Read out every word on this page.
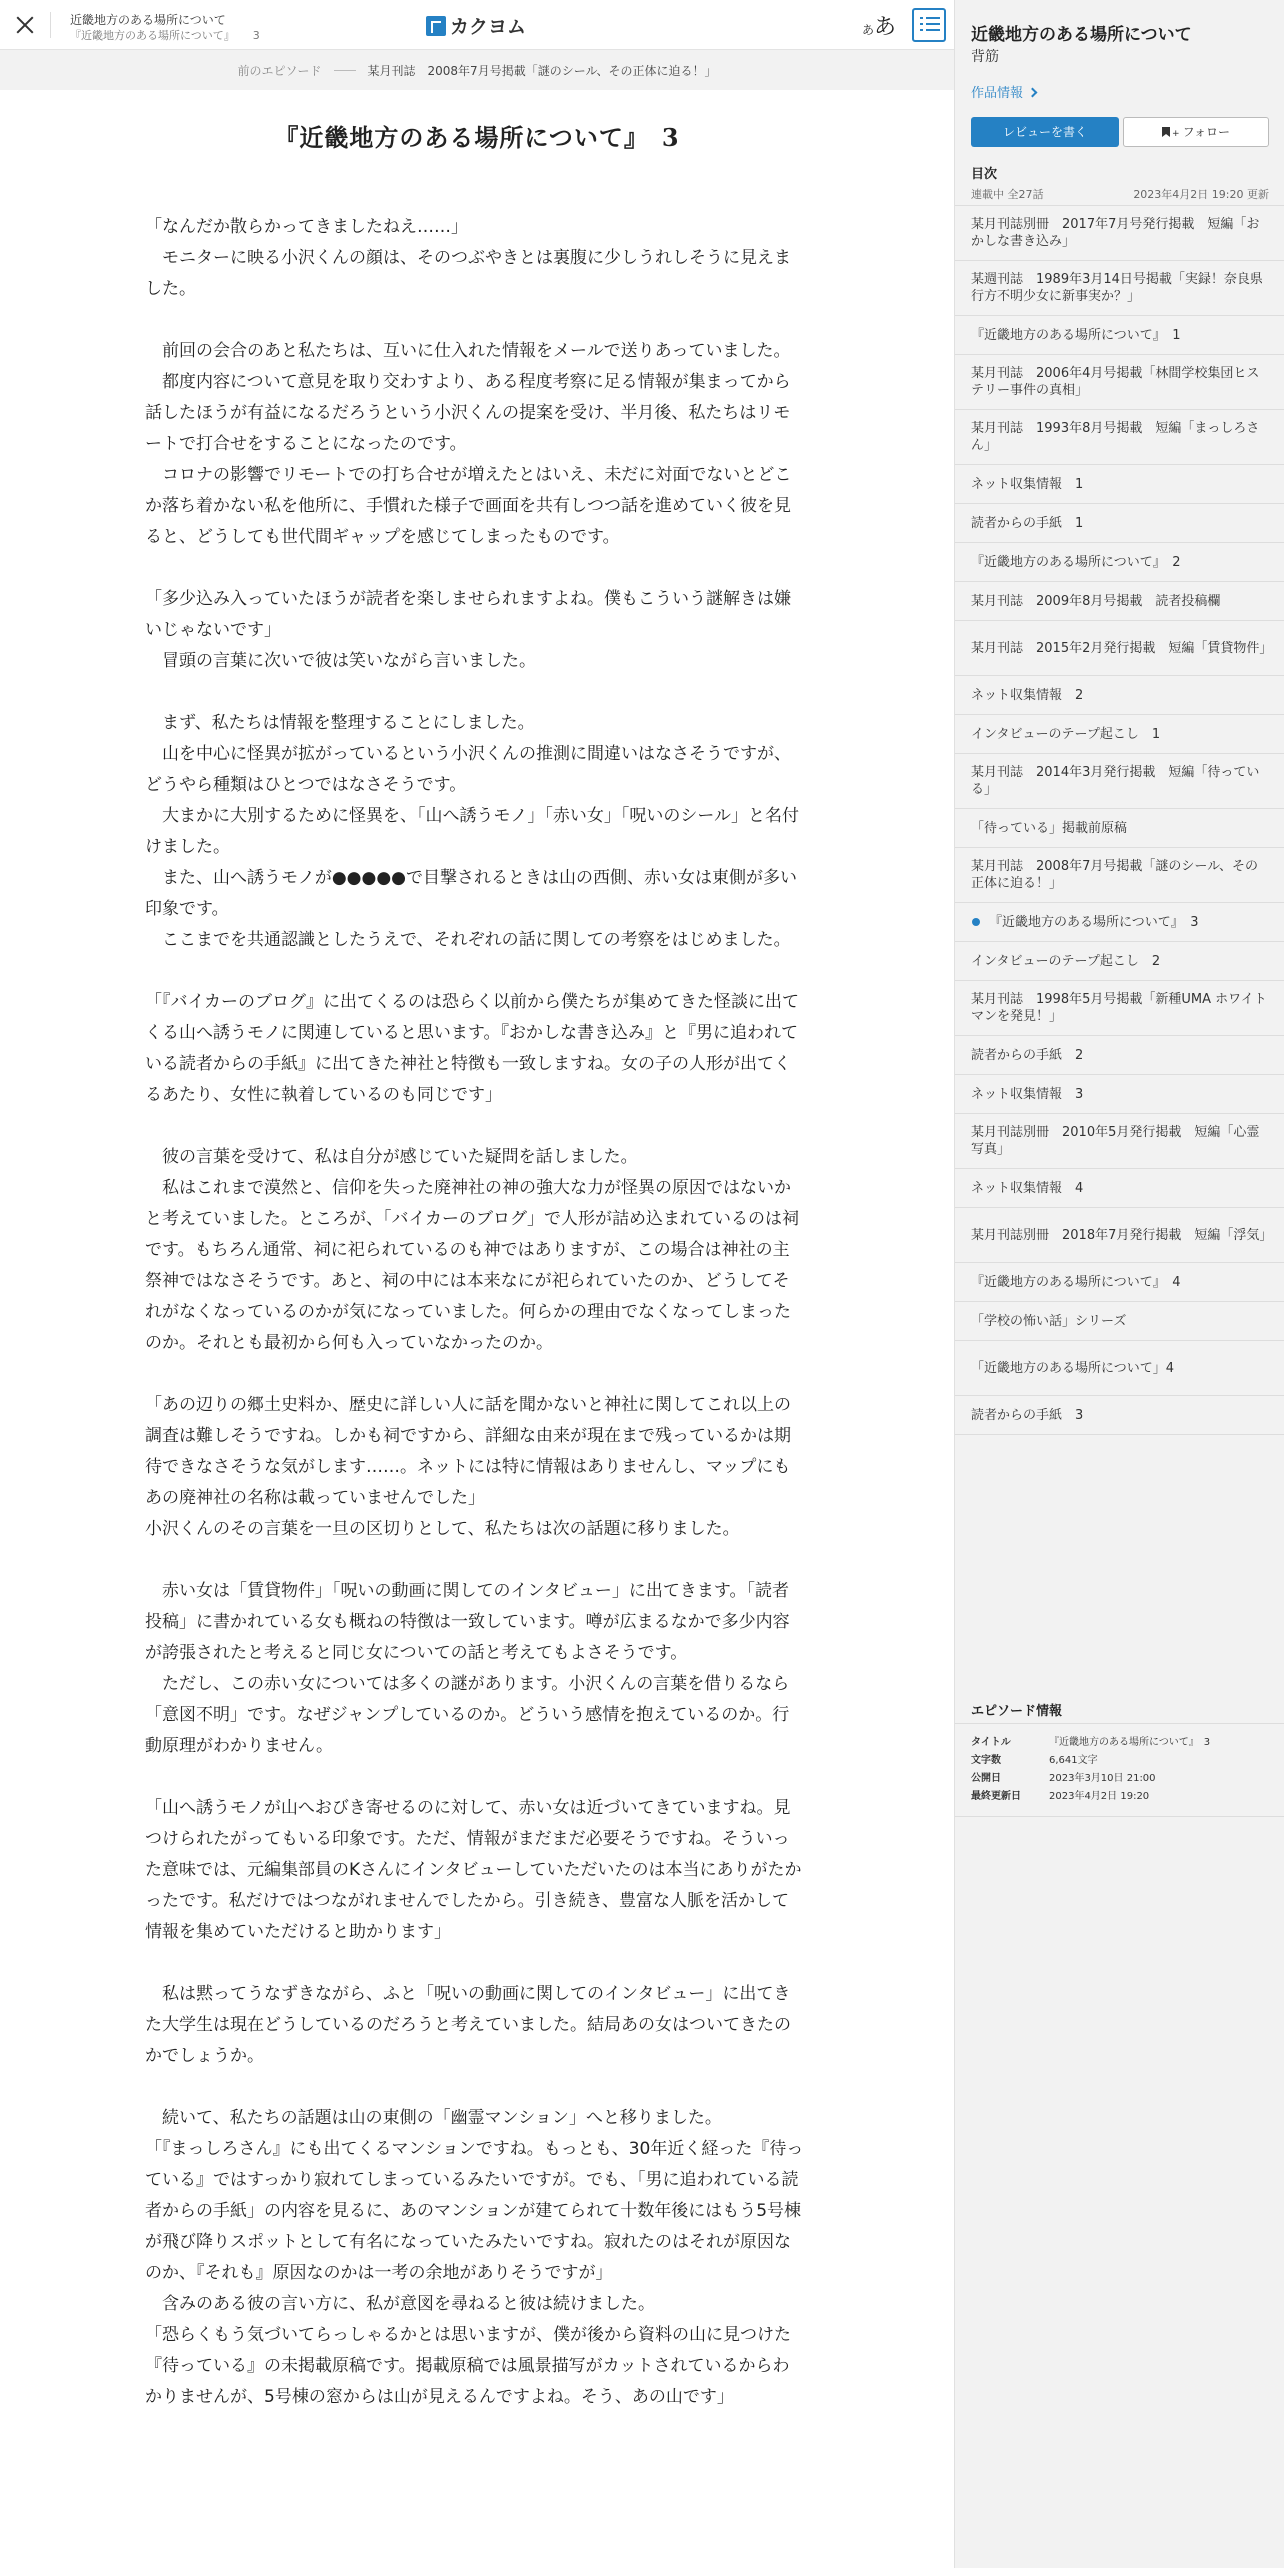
近畿地方のある場所について
『近畿地方のある場所について』 3	カクヨム	ああ
前のエピソード	某月刊誌　2008年7月号掲載「謎のシール、その正体に迫る！」
『近畿地方のある場所について』　3

「なんだか散らかってきましたねえ……」

　モニターに映る小沢くんの顔は、そのつぶやきとは裏腹に少しうれしそうに見えました。

　前回の会合のあと私たちは、互いに仕入れた情報をメールで送りあっていました。

　都度内容について意見を取り交わすより、ある程度考察に足る情報が集まってから話したほうが有益になるだろうという小沢くんの提案を受け、半月後、私たちはリモートで打合せをすることになったのです。

　コロナの影響でリモートでの打ち合せが増えたとはいえ、未だに対面でないとどこか落ち着かない私を他所に、手慣れた様子で画面を共有しつつ話を進めていく彼を見ると、どうしても世代間ギャップを感じてしまったものです。

「多少込み入っていたほうが読者を楽しませられますよね。僕もこういう謎解きは嫌いじゃないです」

　冒頭の言葉に次いで彼は笑いながら言いました。

　まず、私たちは情報を整理することにしました。

　山を中心に怪異が拡がっているという小沢くんの推測に間違いはなさそうですが、どうやら種類はひとつではなさそうです。

　大まかに大別するために怪異を、「山へ誘うモノ」「赤い女」「呪いのシール」と名付けました。

　また、山へ誘うモノが●●●●●で目撃されるときは山の西側、赤い女は東側が多い印象です。

　ここまでを共通認識としたうえで、それぞれの話に関しての考察をはじめました。

「『バイカーのブログ』に出てくるのは恐らく以前から僕たちが集めてきた怪談に出てくる山へ誘うモノに関連していると思います。『おかしな書き込み』と『男に追われている読者からの手紙』に出てきた神社と特徴も一致しますね。女の子の人形が出てくるあたり、女性に執着しているのも同じです」

　彼の言葉を受けて、私は自分が感じていた疑問を話しました。

　私はこれまで漠然と、信仰を失った廃神社の神の強大な力が怪異の原因ではないかと考えていました。ところが、「バイカーのブログ」で人形が詰め込まれているのは祠です。もちろん通常、祠に祀られているのも神ではありますが、この場合は神社の主祭神ではなさそうです。あと、祠の中には本来なにが祀られていたのか、どうしてそれがなくなっているのかが気になっていました。何らかの理由でなくなってしまったのか。それとも最初から何も入っていなかったのか。

「あの辺りの郷土史料か、歴史に詳しい人に話を聞かないと神社に関してこれ以上の調査は難しそうですね。しかも祠ですから、詳細な由来が現在まで残っているかは期待できなさそうな気がします……。ネットには特に情報はありませんし、マップにもあの廃神社の名称は載っていませんでした」

小沢くんのその言葉を一旦の区切りとして、私たちは次の話題に移りました。

　赤い女は「賃貸物件」「呪いの動画に関してのインタビュー」に出てきます。「読者投稿」に書かれている女も概ねの特徴は一致しています。噂が広まるなかで多少内容が誇張されたと考えると同じ女についての話と考えてもよさそうです。

　ただし、この赤い女については多くの謎があります。小沢くんの言葉を借りるなら「意図不明」です。なぜジャンプしているのか。どういう感情を抱えているのか。行動原理がわかりません。

「山へ誘うモノが山へおびき寄せるのに対して、赤い女は近づいてきていますね。見つけられたがってもいる印象です。ただ、情報がまだまだ必要そうですね。そういった意味では、元編集部員のKさんにインタビューしていただいたのは本当にありがたかったです。私だけではつながれませんでしたから。引き続き、豊富な人脈を活かして情報を集めていただけると助かります」

　私は黙ってうなずきながら、ふと「呪いの動画に関してのインタビュー」に出てきた大学生は現在どうしているのだろうと考えていました。結局あの女はついてきたのかでしょうか。

　続いて、私たちの話題は山の東側の「幽霊マンション」へと移りました。

「『まっしろさん』にも出てくるマンションですね。もっとも、30年近く経った『待っている』ではすっかり寂れてしまっているみたいですが。でも、「男に追われている読者からの手紙」の内容を見るに、あのマンションが建てられて十数年後にはもう5号棟が飛び降りスポットとして有名になっていたみたいですね。寂れたのはそれが原因なのか、『それも』原因なのかは一考の余地がありそうですが」

　含みのある彼の言い方に、私が意図を尋ねると彼は続けました。

「恐らくもう気づいてらっしゃるかとは思いますが、僕が後から資料の山に見つけた『待っている』の未掲載原稿です。掲載原稿では風景描写がカットされているからわかりませんが、5号棟の窓からは山が見えるんですよね。そう、あの山です」

近畿地方のある場所について
背筋
作品情報
レビューを書く	+ フォロー
目次
連載中 全27話	2023年4月2日 19:20 更新
某月刊誌別冊　2017年7月号発行掲載　短編「おかしな書き込み」
某週刊誌　1989年3月14日号掲載「実録！奈良県行方不明少女に新事実か？」
『近畿地方のある場所について』　1
某月刊誌　2006年4月号掲載「林間学校集団ヒステリー事件の真相」
某月刊誌　1993年8月号掲載　短編「まっしろさん」
ネット収集情報　1
読者からの手紙　1
『近畿地方のある場所について』　2
某月刊誌　2009年8月号掲載　読者投稿欄
某月刊誌　2015年2月発行掲載　短編「賃貸物件」
ネット収集情報　2
インタビューのテープ起こし　1
某月刊誌　2014年3月発行掲載　短編「待っている」
「待っている」掲載前原稿
某月刊誌　2008年7月号掲載「謎のシール、その正体に迫る！」
『近畿地方のある場所について』　3
インタビューのテープ起こし　2
某月刊誌　1998年5月号掲載「新種UMA ホワイトマンを発見！」
読者からの手紙　2
ネット収集情報　3
某月刊誌別冊　2010年5月発行掲載　短編「心霊写真」
ネット収集情報　4
某月刊誌別冊　2018年7月発行掲載　短編「浮気」
『近畿地方のある場所について』　4
「学校の怖い話」シリーズ
「近畿地方のある場所について」4
読者からの手紙　3
エピソード情報
タイトル	『近畿地方のある場所について』　3
文字数	6,641文字
公開日	2023年3月10日 21:00
最終更新日	2023年4月2日 19:20
